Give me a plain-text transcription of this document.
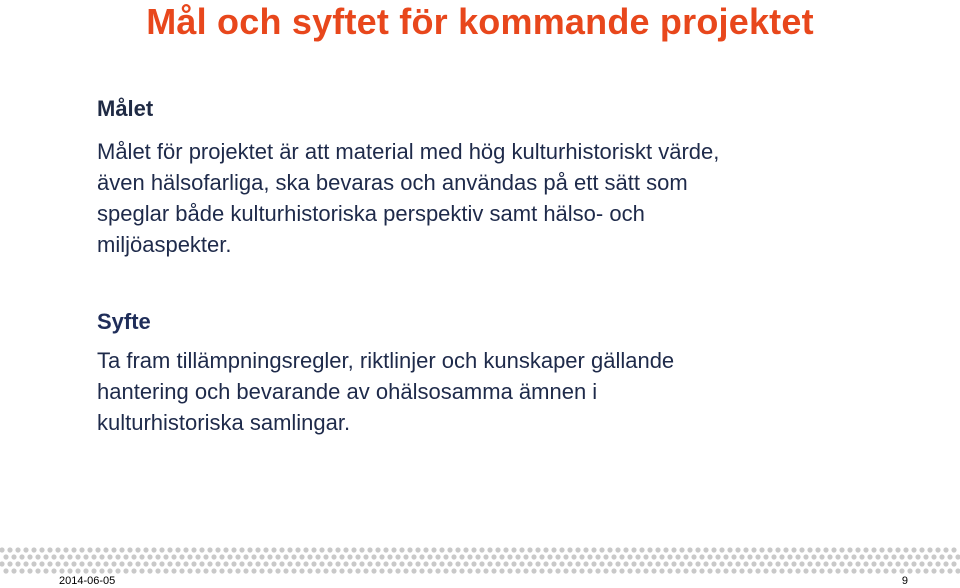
Mål och syftet för kommande projektet
Målet
Målet för projektet är att material med hög kulturhistoriskt värde,
även hälsofarliga, ska bevaras och användas på ett sätt som
speglar både kulturhistoriska perspektiv samt hälso- och
miljöaspekter.
Syfte
Ta fram tillämpningsregler, riktlinjer och kunskaper gällande
hantering och bevarande av ohälsosamma ämnen i
kulturhistoriska samlingar.
2014-06-05	9
